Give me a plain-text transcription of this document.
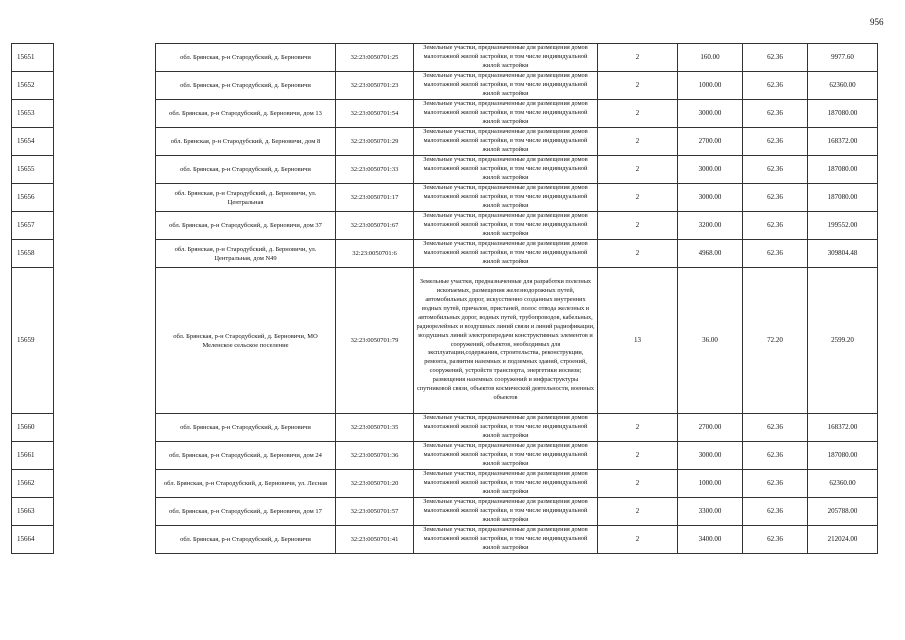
956
15651		обл. Брянская, р-н Стародубский, д. Берновичи	32:23:0050701:25	Земельные участки, предназначенные для размещения домов малоэтажной жилой застройки, в том числе индивидуальной жилой застройки	2	160.00	62.36	9977.60
15652		обл. Брянская, р-н Стародубский, д. Берновичи	32:23:0050701:23	Земельные участки, предназначенные для размещения домов малоэтажной жилой застройки, в том числе индивидуальной жилой застройки	2	1000.00	62.36	62360.00
15653		обл. Брянская, р-н Стародубский, д. Берновичи, дом 13	32:23:0050701:54	Земельные участки, предназначенные для размещения домов малоэтажной жилой застройки, в том числе индивидуальной жилой застройки	2	3000.00	62.36	187080.00
15654		обл. Брянская, р-н Стародубский, д. Берновичи, дом 8	32:23:0050701:29	Земельные участки, предназначенные для размещения домов малоэтажной жилой застройки, в том числе индивидуальной жилой застройки	2	2700.00	62.36	168372.00
15655		обл. Брянская, р-н Стародубский, д. Берновичи	32:23:0050701:33	Земельные участки, предназначенные для размещения домов малоэтажной жилой застройки, в том числе индивидуальной жилой застройки	2	3000.00	62.36	187080.00
15656		обл. Брянская, р-н Стародубский, д. Берновичи, ул. Центральная	32:23:0050701:17	Земельные участки, предназначенные для размещения домов малоэтажной жилой застройки, в том числе индивидуальной жилой застройки	2	3000.00	62.36	187080.00
15657		обл. Брянская, р-н Стародубский, д. Берновичи, дом 37	32:23:0050701:67	Земельные участки, предназначенные для размещения домов малоэтажной жилой застройки, в том числе индивидуальной жилой застройки	2	3200.00	62.36	199552.00
15658		обл. Брянская, р-н Стародубский, д. Берновичи, ул. Центральная, дом N49	32:23:0050701:6	Земельные участки, предназначенные для размещения домов малоэтажной жилой застройки, в том числе индивидуальной жилой застройки	2	4968.00	62.36	309804.48
15659		обл. Брянская, р-н Стародубский, д. Берновичи, МО Меленское сельское поселение	32:23:0050701:79	Земельные участки, предназначенные для разработки полезных ископаемых, размещения железнодорожных путей, автомобильных дорог, искусственно созданных внутренних водных путей, причалов, пристаней, полос отвода железных и автомобильных дорог, водных путей, трубопроводов, кабельных, радиорелейных и воздушных линий связи и линий радиофикации, воздушных линий электропередачи конструктивных элементов и сооружений, объектов, необходимых для эксплуатации,содержания, строительства, реконструкции, ремонта, развития наземных и подземных зданий, строений, сооружений, устройств транспорта, энергетики иосвязи; размещения наземных сооружений и инфраструктуры спутниковой связи, объектов космической деятельности, военных объектов	13	36.00	72.20	2599.20
15660		обл. Брянская, р-н Стародубский, д. Берновичи	32:23:0050701:35	Земельные участки, предназначенные для размещения домов малоэтажной жилой застройки, в том числе индивидуальной жилой застройки	2	2700.00	62.36	168372.00
15661		обл. Брянская, р-н Стародубский, д. Берновичи, дом 24	32:23:0050701:36	Земельные участки, предназначенные для размещения домов малоэтажной жилой застройки, в том числе индивидуальной жилой застройки	2	3000.00	62.36	187080.00
15662		обл. Брянская, р-н Стародубский, д. Берновичи, ул. Лесная	32:23:0050701:20	Земельные участки, предназначенные для размещения домов малоэтажной жилой застройки, в том числе индивидуальной жилой застройки	2	1000.00	62.36	62360.00
15663		обл. Брянская, р-н Стародубский, д. Берновичи, дом 17	32:23:0050701:57	Земельные участки, предназначенные для размещения домов малоэтажной жилой застройки, в том числе индивидуальной жилой застройки	2	3300.00	62.36	205788.00
15664		обл. Брянская, р-н Стародубский, д. Берновичи	32:23:0050701:41	Земельные участки, предназначенные для размещения домов малоэтажной жилой застройки, в том числе индивидуальной жилой застройки	2	3400.00	62.36	212024.00
